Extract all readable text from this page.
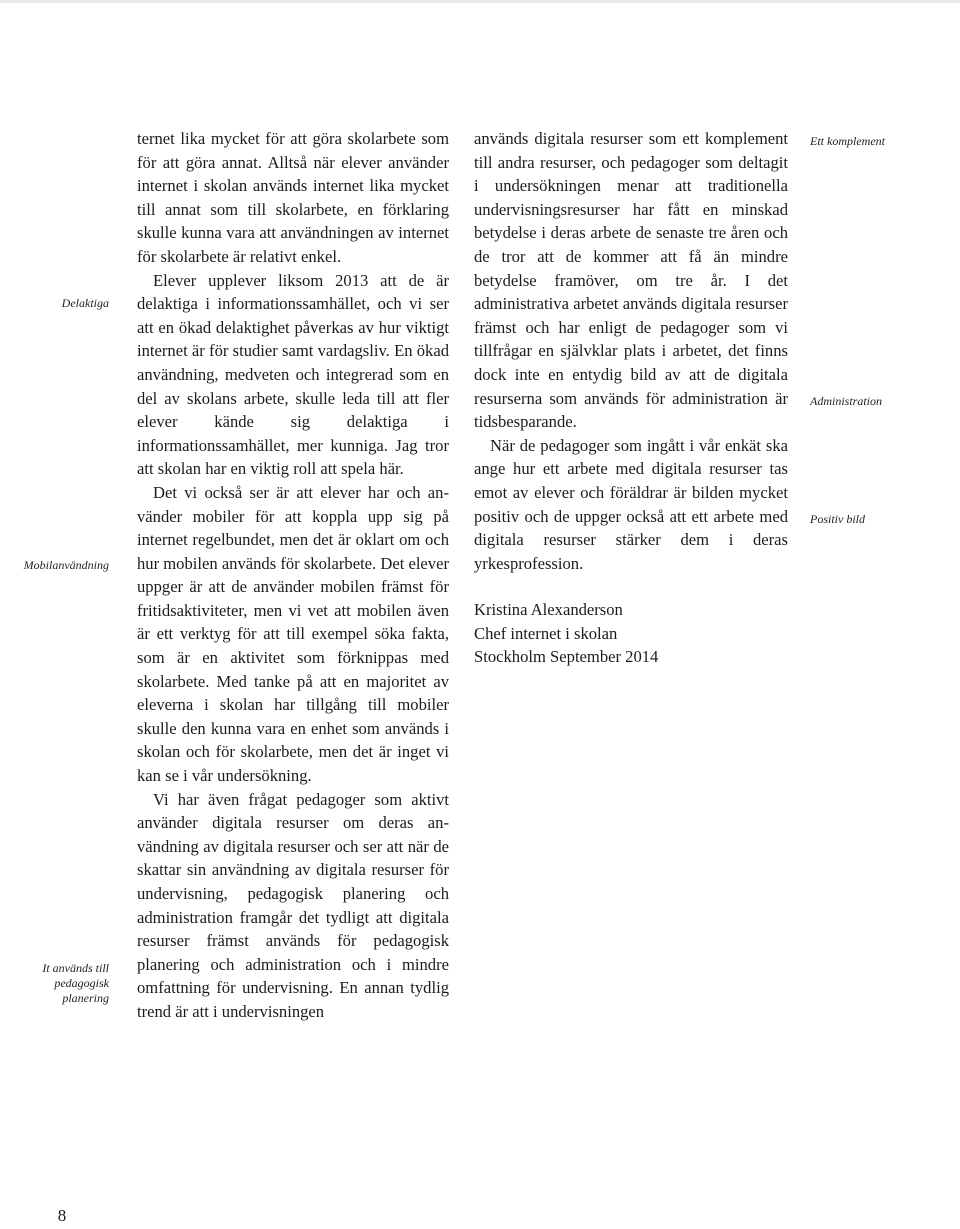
Delaktiga
Mobilanvändning
It används till pedagogisk planering

ternet lika mycket för att göra skolarbete som för att göra annat. Alltså när elever använder internet i skolan används internet lika mycket till annat som till skolarbete, en förklaring skulle kunna vara att användningen av internet för skolarbete är relativt enkel.

Elever upplever liksom 2013 att de är delaktiga i informationssamhället, och vi ser att en ökad delaktighet påverkas av hur viktigt internet är för studier samt vardagsliv. En ökad användning, medveten och integrerad som en del av skolans arbete, skulle leda till att fler elever kände sig delaktiga i informationssamhället, mer kunniga. Jag tror att skolan har en viktig roll att spela här.

Det vi också ser är att elever har och använder mobiler för att koppla upp sig på internet regelbundet, men det är oklart om och hur mobilen används för skolarbete. Det elever uppger är att de använder mobilen främst för fritidsaktiviteter, men vi vet att mobilen även är ett verktyg för att till exempel söka fakta, som är en aktivitet som förknippas med skolarbete. Med tanke på att en majoritet av eleverna i skolan har tillgång till mobiler skulle den kunna vara en enhet som används i skolan och för skolarbete, men det är inget vi kan se i vår undersökning.

Vi har även frågat pedagoger som aktivt använder digitala resurser om deras användning av digitala resurser och ser att när de skattar sin användning av digitala resurser för undervisning, pedagogisk planering och administration framgår det tydligt att digitala resurser främst används för pedagogisk planering och administration och i mindre omfattning för undervisning. En annan tydlig trend är att i undervisningen

används digitala resurser som ett komplement till andra resurser, och pedagoger som deltagit i undersökningen menar att traditionella undervisningsresurser har fått en minskad betydelse i deras arbete de senaste tre åren och de tror att de kommer att få än mindre betydelse framöver, om tre år. I det administrativa arbetet används digitala resurser främst och har enligt de pedagoger som vi tillfrågar en självklar plats i arbetet, det finns dock inte en entydig bild av att de digitala resurserna som används för administration är tidsbesparande.

När de pedagoger som ingått i vår enkät ska ange hur ett arbete med digitala resurser tas emot av elever och föräldrar är bilden mycket positiv och de uppger också att ett arbete med digitala resurser stärker dem i deras yrkesprofession.

Kristina Alexanderson
Chef internet i skolan
Stockholm September 2014
Ett komplement
Administration
Positiv bild
8
